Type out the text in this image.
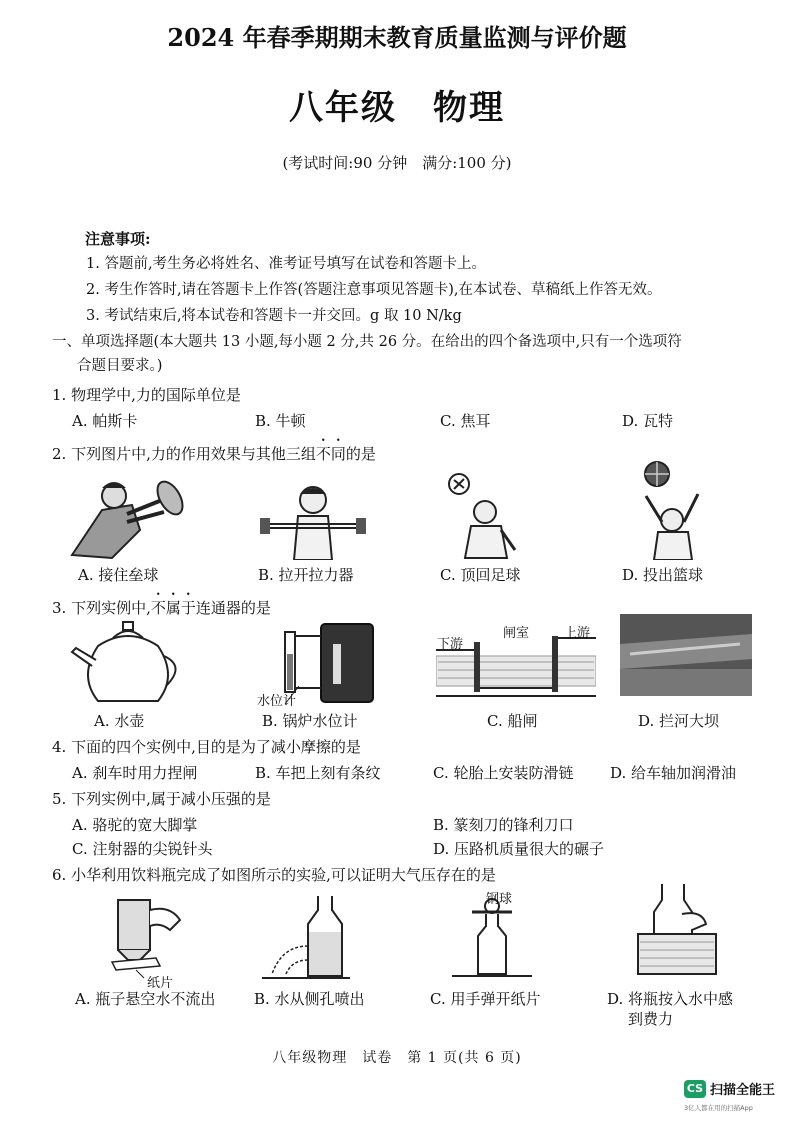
2024 年春季期期末教育质量监测与评价题
八年级　物理
(考试时间:90 分钟　满分:100 分)
注意事项:
1. 答题前,考生务必将姓名、准考证号填写在试卷和答题卡上。
2. 考生作答时,请在答题卡上作答(答题注意事项见答题卡),在本试卷、草稿纸上作答无效。
3. 考试结束后,将本试卷和答题卡一并交回。g 取 10 N/kg
一、单项选择题(本大题共 13 小题,每小题 2 分,共 26 分。在给出的四个备选项中,只有一个选项符
合题目要求。)
1. 物理学中,力的国际单位是
A. 帕斯卡	B. 牛顿	C. 焦耳	D. 瓦特
2. 下列图片中,力的作用效果与其他三组不同的是
A. 接住垒球	B. 拉开拉力器	C. 顶回足球	D. 投出篮球
3. 下列实例中,不属于连通器的是
水位计
下游
闸室	上游
A. 水壶	B. 锅炉水位计	C. 船闸	D. 拦河大坝
4. 下面的四个实例中,目的是为了减小摩擦的是
A. 刹车时用力捏闸	B. 车把上刻有条纹	C. 轮胎上安装防滑链 D. 给车轴加润滑油
5. 下列实例中,属于减小压强的是
A. 骆驼的宽大脚掌	B. 篆刻刀的锋利刀口
C. 注射器的尖锐针头	D. 压路机质量很大的碾子
6. 小华利用饮料瓶完成了如图所示的实验,可以证明大气压存在的是
纸片
钢球
A. 瓶子悬空水不流出	B. 水从侧孔喷出	C. 用手弹开纸片	D. 将瓶按入水中感
到费力
八年级物理　试卷　第 1 页(共 6 页)
CS 扫描全能王
3亿人都在用的扫描App
